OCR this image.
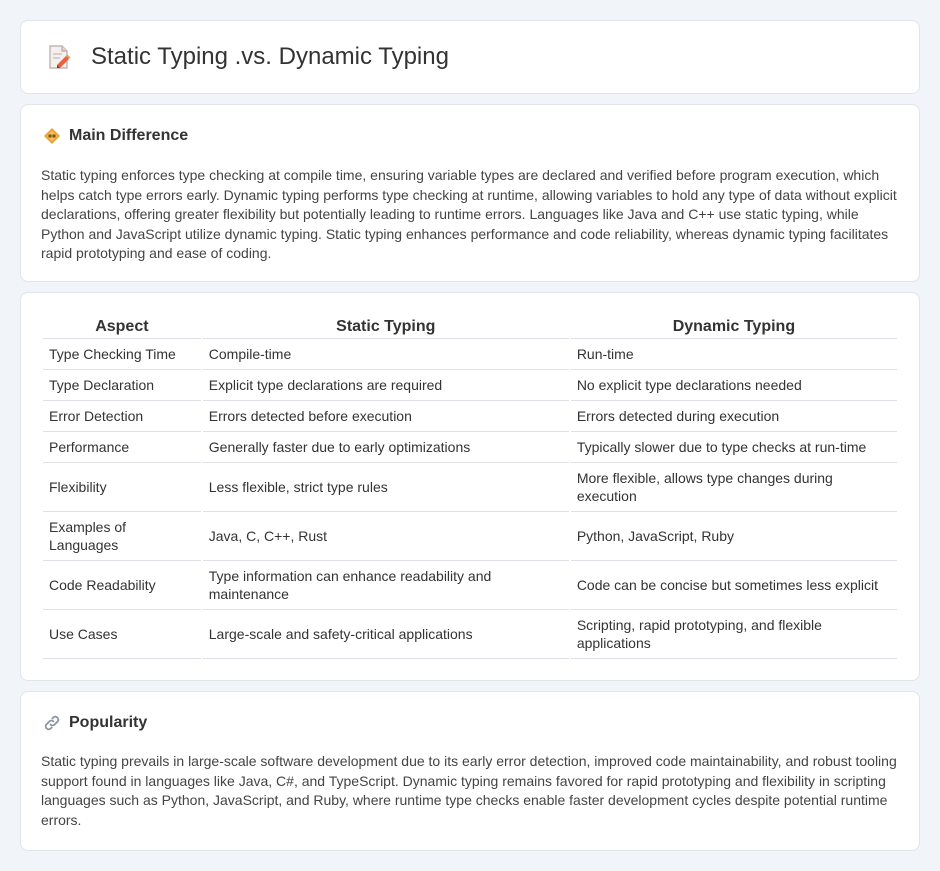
Static Typing .vs. Dynamic Typing
Main Difference

Static typing enforces type checking at compile time, ensuring variable types are declared and verified before program execution, which helps catch type errors early. Dynamic typing performs type checking at runtime, allowing variables to hold any type of data without explicit declarations, offering greater flexibility but potentially leading to runtime errors. Languages like Java and C++ use static typing, while Python and JavaScript utilize dynamic typing. Static typing enhances performance and code reliability, whereas dynamic typing facilitates rapid prototyping and ease of coding.

Aspect	Static Typing	Dynamic Typing
Type Checking Time	Compile-time	Run-time
Type Declaration	Explicit type declarations are required	No explicit type declarations needed
Error Detection	Errors detected before execution	Errors detected during execution
Performance	Generally faster due to early optimizations	Typically slower due to type checks at run-time
Flexibility	Less flexible, strict type rules	More flexible, allows type changes during execution
Examples of Languages	Java, C, C++, Rust	Python, JavaScript, Ruby
Code Readability	Type information can enhance readability and maintenance	Code can be concise but sometimes less explicit
Use Cases	Large-scale and safety-critical applications	Scripting, rapid prototyping, and flexible applications
Popularity

Static typing prevails in large-scale software development due to its early error detection, improved code maintainability, and robust tooling support found in languages like Java, C#, and TypeScript. Dynamic typing remains favored for rapid prototyping and flexibility in scripting languages such as Python, JavaScript, and Ruby, where runtime type checks enable faster development cycles despite potential runtime errors.
